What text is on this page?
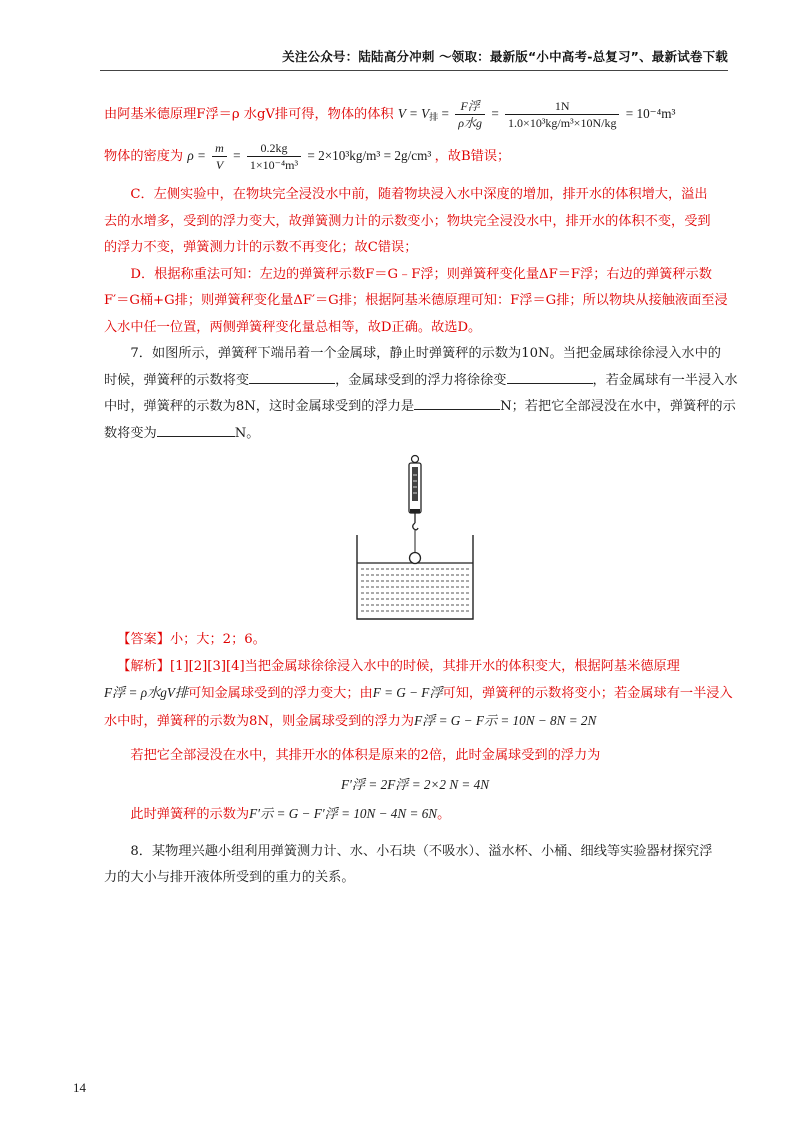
关注公众号：陆陆高分冲刺 ～领取：最新版“小中高考-总复习”、最新试卷下载

由阿基米德原理F浮＝ρ 水gV排可得，物体的体积 $V = V_排 = \frac{\text{F浮}}{\text{ρ水g}} = \frac{1N}{\text{1.0×10³kg/m³×10N/kg}} = 10^{-4}m^3$

物体的密度为 $\rho = \frac{m}{V} = \frac{0.2kg}{\text{1×10⁻⁴m³}} = 2\times 10^3kg/m^3 = 2g/cm^3$ ，故B错误；

C．左侧实验中，在物块完全浸没水中前，随着物块浸入水中深度的增加，排开水的体积增大，溢出

去的水增多，受到的浮力变大，故弹簧测力计的示数变小；物块完全浸没水中，排开水的体积不变，受到

的浮力不变，弹簧测力计的示数不再变化；故C错误；

D．根据称重法可知：左边的弹簧秤示数F＝G﹣F浮；则弹簧秤变化量ΔF＝F浮；右边的弹簧秤示数

F′＝G桶+G排；则弹簧秤变化量ΔF′＝G排；根据阿基米德原理可知：F浮＝G排；所以物块从接触液面至浸

入水中任一位置，两侧弹簧秤变化量总相等，故D正确。故选D。

7．如图所示，弹簧秤下端吊着一个金属球，静止时弹簧秤的示数为10N。当把金属球徐徐浸入水中的

时候，弹簧秤的示数将变	，金属球受到的浮力将徐徐变	，若金属球有一半浸入水

中时，弹簧秤的示数为8N，这时金属球受到的浮力是	N；若把它全部浸没在水中，弹簧秤的示

数将变为	N。

【答案】小；大；2；6。

【解析】[1][2][3][4]当把金属球徐徐浸入水中的时候，其排开水的体积变大，根据阿基米德原理

F浮 = ρ水gV排可知金属球受到的浮力变大；由F = G − F浮可知，弹簧秤的示数将变小；若金属球有一半浸入

水中时，弹簧秤的示数为8N，则金属球受到的浮力为F浮 = G − F示 = 10N − 8N = 2N

若把它全部浸没在水中，其排开水的体积是原来的2倍，此时金属球受到的浮力为

F′浮 = 2F浮 = 2×2 N = 4N

此时弹簧秤的示数为F′示 = G − F′浮 = 10N − 4N = 6N。

8．某物理兴趣小组利用弹簧测力计、水、小石块（不吸水）、溢水杯、小桶、细线等实验器材探究浮

力的大小与排开液体所受到的重力的关系。

14
